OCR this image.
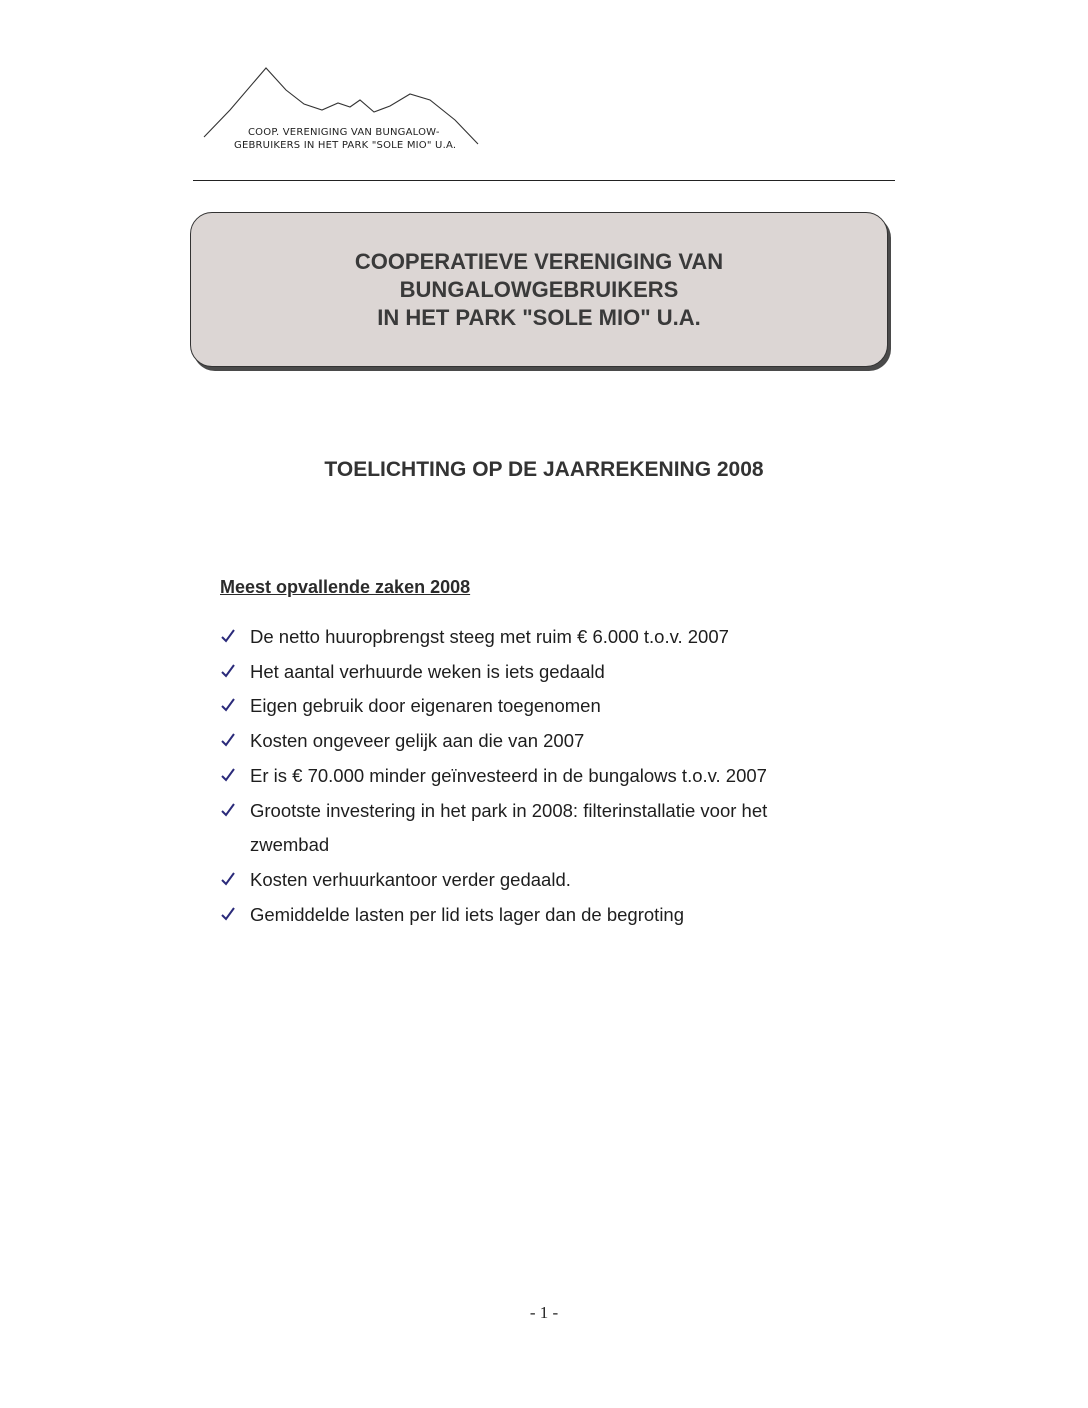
COOP. VERENIGING VAN BUNGALOW-
GEBRUIKERS IN HET PARK "SOLE MIO" U.A.
COOPERATIEVE VERENIGING VAN
BUNGALOWGEBRUIKERS
IN HET PARK "SOLE MIO" U.A.
TOELICHTING OP DE JAARREKENING 2008
Meest opvallende zaken 2008
De netto huuropbrengst steeg met ruim € 6.000 t.o.v. 2007
Het aantal verhuurde weken is iets gedaald
Eigen gebruik door eigenaren toegenomen
Kosten ongeveer gelijk aan die van 2007
Er is € 70.000 minder geïnvesteerd in de bungalows t.o.v. 2007
Grootste investering in het park in 2008: filterinstallatie voor het zwembad
Kosten verhuurkantoor verder gedaald.
Gemiddelde lasten per lid iets lager dan de begroting
- 1 -
